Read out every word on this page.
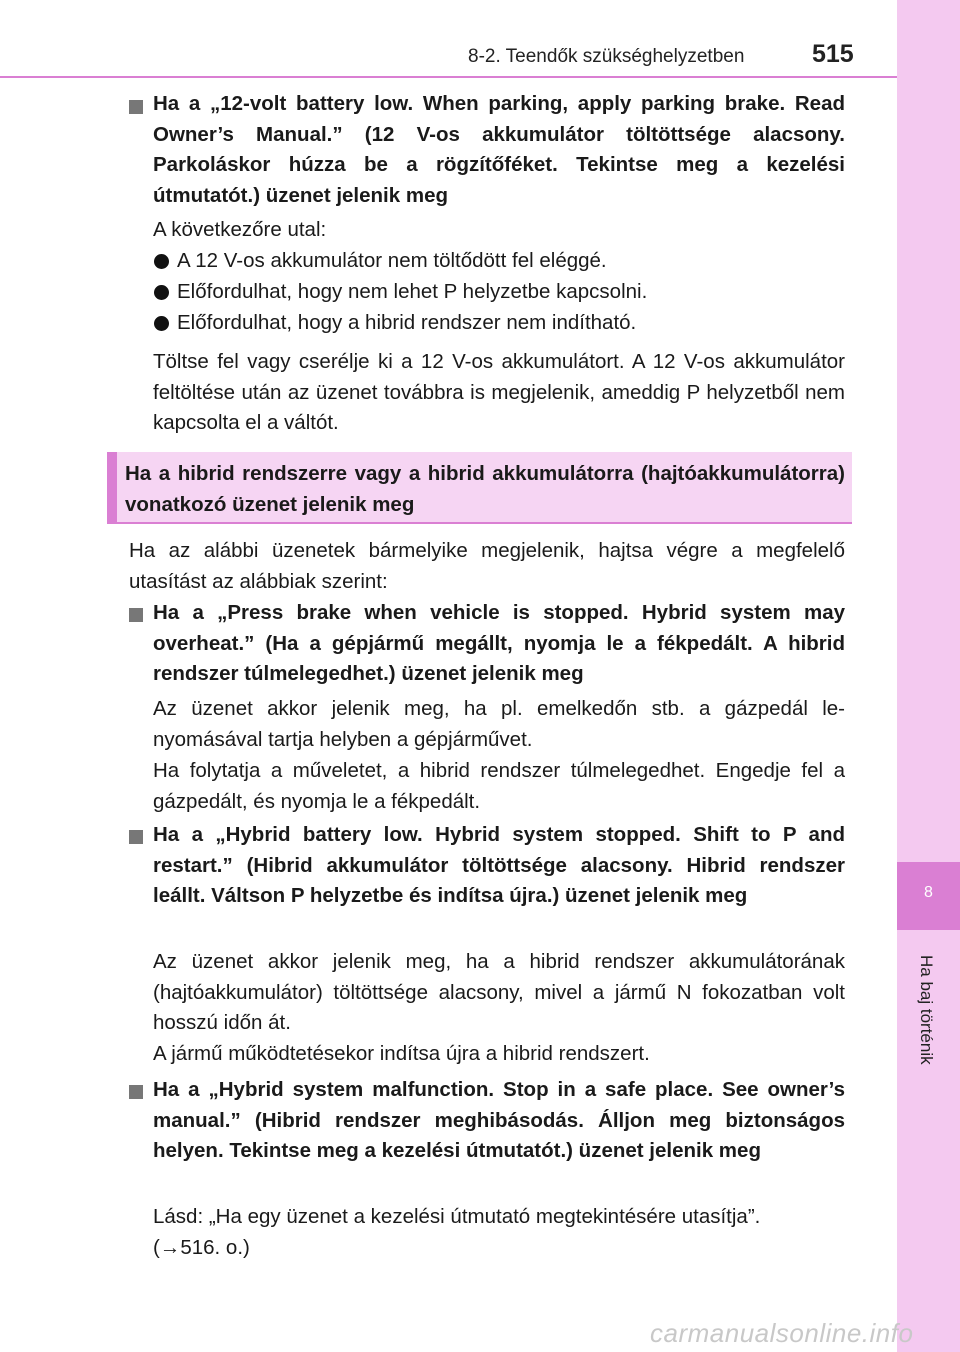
8
Ha baj történik
8-2. Teendők szükséghelyzetben	515
Ha a „12-volt battery low. When parking, apply parking brake. Read Owner’s Manual.” (12 V-os akkumulátor töltöttsége alacsony. Parkoláskor húzza be a rögzítőféket. Tekintse meg a kezelési útmutatót.) üzenet jelenik meg
A következőre utal:
A 12 V-os akkumulátor nem töltődött fel eléggé.
Előfordulhat, hogy nem lehet P helyzetbe kapcsolni.
Előfordulhat, hogy a hibrid rendszer nem indítható.
Töltse fel vagy cserélje ki a 12 V-os akkumulátort. A 12 V-os akkumulátor feltöltése után az üzenet továbbra is megjelenik, ameddig P helyzetből nem kapcsolta el a váltót.
Ha a hibrid rendszerre vagy a hibrid akkumulátorra (hajtóakkumulátorra) vonatkozó üzenet jelenik meg
Ha az alábbi üzenetek bármelyike megjelenik, hajtsa végre a megfelelő utasítást az alábbiak szerint:
Ha a „Press brake when vehicle is stopped. Hybrid system may overheat.” (Ha a gépjármű megállt, nyomja le a fékpedált. A hibrid rendszer túlmelegedhet.) üzenet jelenik meg
Az üzenet akkor jelenik meg, ha pl. emelkedőn stb. a gázpedál lenyomásával tartja helyben a gépjárművet.
Ha folytatja a műveletet, a hibrid rendszer túlmelegedhet. Engedje fel a gázpedált, és nyomja le a fékpedált.
Ha a „Hybrid battery low. Hybrid system stopped. Shift to P and restart.” (Hibrid akkumulátor töltöttsége alacsony. Hibrid rendszer leállt. Váltson P helyzetbe és indítsa újra.) üzenet jelenik meg
Az üzenet akkor jelenik meg, ha a hibrid rendszer akkumulátorának (hajtóakkumulátor) töltöttsége alacsony, mivel a jármű N fokozatban volt hosszú időn át.
A jármű működtetésekor indítsa újra a hibrid rendszert.
Ha a „Hybrid system malfunction. Stop in a safe place. See owner’s manual.” (Hibrid rendszer meghibásodás. Álljon meg biztonságos helyen. Tekintse meg a kezelési útmutatót.) üzenet jelenik meg
Lásd: „Ha egy üzenet a kezelési útmutató megtekintésére utasítja”.
(→516. o.)
carmanualsonline.info
